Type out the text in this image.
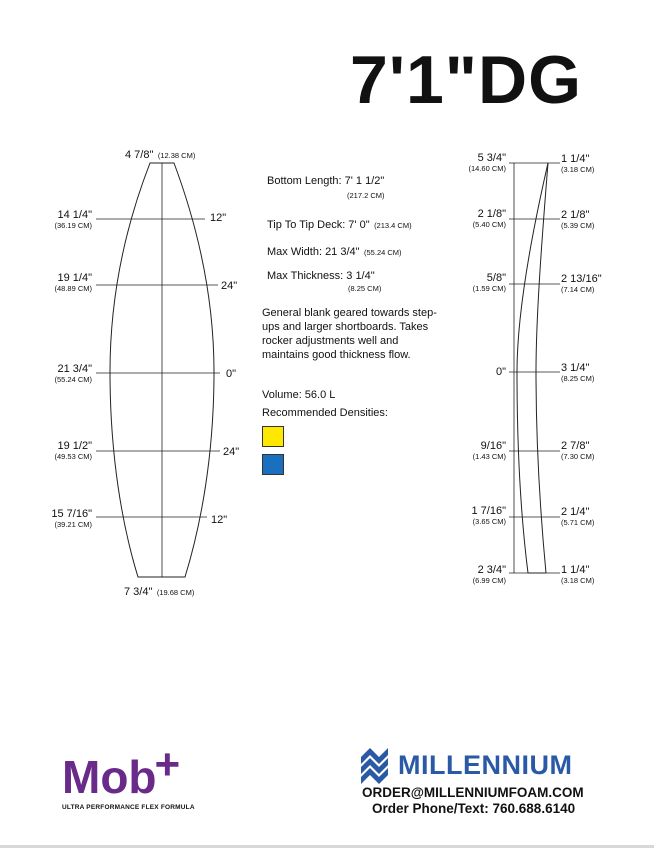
7'1"DG
4 7/8" (12.38 CM)
7 3/4" (19.68 CM)
14 1/4"
(36.19 CM)
19 1/4"
(48.89 CM)
21 3/4"
(55.24 CM)
19 1/2"
(49.53 CM)
15 7/16"
(39.21 CM)
12"
24"
0"
24"
12"
Bottom Length: 7' 1 1/2"
(217.2 CM)
Tip To Tip Deck: 7' 0" (213.4 CM)
Max Width: 21 3/4" (55.24 CM)
Max Thickness: 3 1/4"
(8.25 CM)
General blank geared towards step-ups and larger shortboards. Takes rocker adjustments well and maintains good thickness flow.
Volume: 56.0 L
Recommended Densities:
5 3/4"
(14.60 CM)
2 1/8"
(5.40 CM)
5/8"
(1.59 CM)
0"
9/16"
(1.43 CM)
1 7/16"
(3.65 CM)
2 3/4"
(6.99 CM)
1 1/4"
(3.18 CM)
2 1/8"
(5.39 CM)
2 13/16"
(7.14 CM)
3 1/4"
(8.25 CM)
2 7/8"
(7.30 CM)
2 1/4"
(5.71 CM)
1 1/4"
(3.18 CM)
Mob+
ULTRA PERFORMANCE FLEX FORMULA
MILLENNIUM
ORDER@MILLENNIUMFOAM.COM
Order Phone/Text: 760.688.6140
